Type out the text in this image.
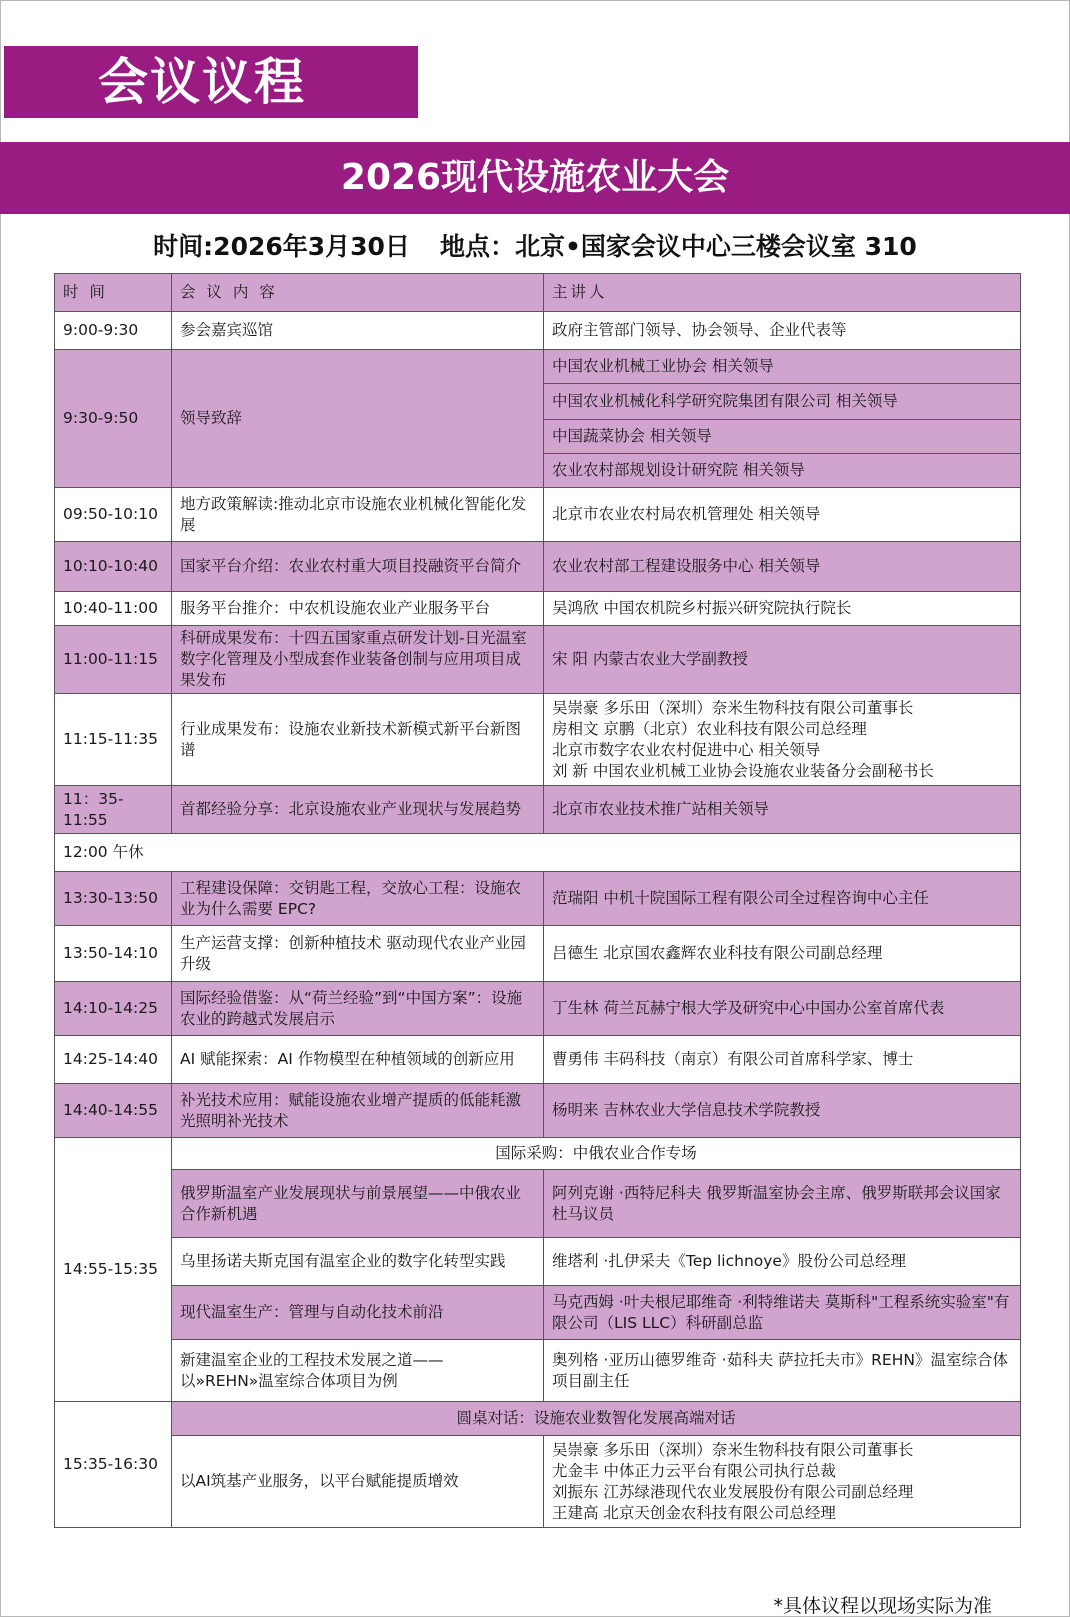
会议议程
2026现代设施农业大会
时间:2026年3月30日 地点：北京•国家会议中心三楼会议室 310
时 间	会 议 内 容	主讲人
9:00-9:30	参会嘉宾巡馆	政府主管部门领导、协会领导、企业代表等
9:30-9:50	领导致辞	中国农业机械工业协会 相关领导
		中国农业机械化科学研究院集团有限公司 相关领导
		中国蔬菜协会 相关领导
		农业农村部规划设计研究院 相关领导
09:50-10:10	地方政策解读:推动北京市设施农业机械化智能化发展	北京市农业农村局农机管理处 相关领导
10:10-10:40	国家平台介绍：农业农村重大项目投融资平台简介	农业农村部工程建设服务中心 相关领导
10:40-11:00	服务平台推介：中农机设施农业产业服务平台	吴鸿欣 中国农机院乡村振兴研究院执行院长
11:00-11:15	科研成果发布：十四五国家重点研发计划-日光温室数字化管理及小型成套作业装备创制与应用项目成果发布	宋 阳 内蒙古农业大学副教授
11:15-11:35	行业成果发布：设施农业新技术新模式新平台新图谱	吴崇豪 多乐田（深圳）奈米生物科技有限公司董事长
房相文 京鹏（北京）农业科技有限公司总经理
北京市数字农业农村促进中心 相关领导
刘 新 中国农业机械工业协会设施农业装备分会副秘书长

11：35-11:55	首都经验分享：北京设施农业产业现状与发展趋势	北京市农业技术推广站相关领导
12:00 午休		
13:30-13:50	工程建设保障：交钥匙工程，交放心工程：设施农业为什么需要 EPC?	范瑞阳 中机十院国际工程有限公司全过程咨询中心主任
13:50-14:10	生产运营支撑：创新种植技术 驱动现代农业产业园升级	吕德生 北京国农鑫辉农业科技有限公司副总经理
14:10-14:25	国际经验借鉴：从“荷兰经验”到“中国方案”：设施农业的跨越式发展启示	丁生林 荷兰瓦赫宁根大学及研究中心中国办公室首席代表
14:25-14:40	AI 赋能探索：AI 作物模型在种植领域的创新应用	曹勇伟 丰码科技（南京）有限公司首席科学家、博士
14:40-14:55	补光技术应用：赋能设施农业增产提质的低能耗激光照明补光技术	杨明来 吉林农业大学信息技术学院教授
14:55-15:35	国际采购：中俄农业合作专场	
	俄罗斯温室产业发展现状与前景展望——中俄农业合作新机遇	阿列克谢 ·西特尼科夫 俄罗斯温室协会主席、俄罗斯联邦会议国家杜马议员
	乌里扬诺夫斯克国有温室企业的数字化转型实践	维塔利 ·扎伊采夫《Tep lichnoye》股份公司总经理
	现代温室生产：管理与自动化技术前沿	马克西姆 ·叶夫根尼耶维奇 ·利特维诺夫 莫斯科"工程系统实验室"有限公司（LIS LLC）科研副总监
	新建温室企业的工程技术发展之道——以»REHN»温室综合体项目为例	奥列格 ·亚历山德罗维奇 ·茹科夫 萨拉托夫市》REHN》温室综合体项目副主任
15:35-16:30	圆桌对话：设施农业数智化发展高端对话	
	以AI筑基产业服务，以平台赋能提质增效	吴崇豪 多乐田（深圳）奈米生物科技有限公司董事长
尤金丰 中体正力云平台有限公司执行总裁
刘振东 江苏绿港现代农业发展股份有限公司副总经理
王建高 北京天创金农科技有限公司总经理
*具体议程以现场实际为准
